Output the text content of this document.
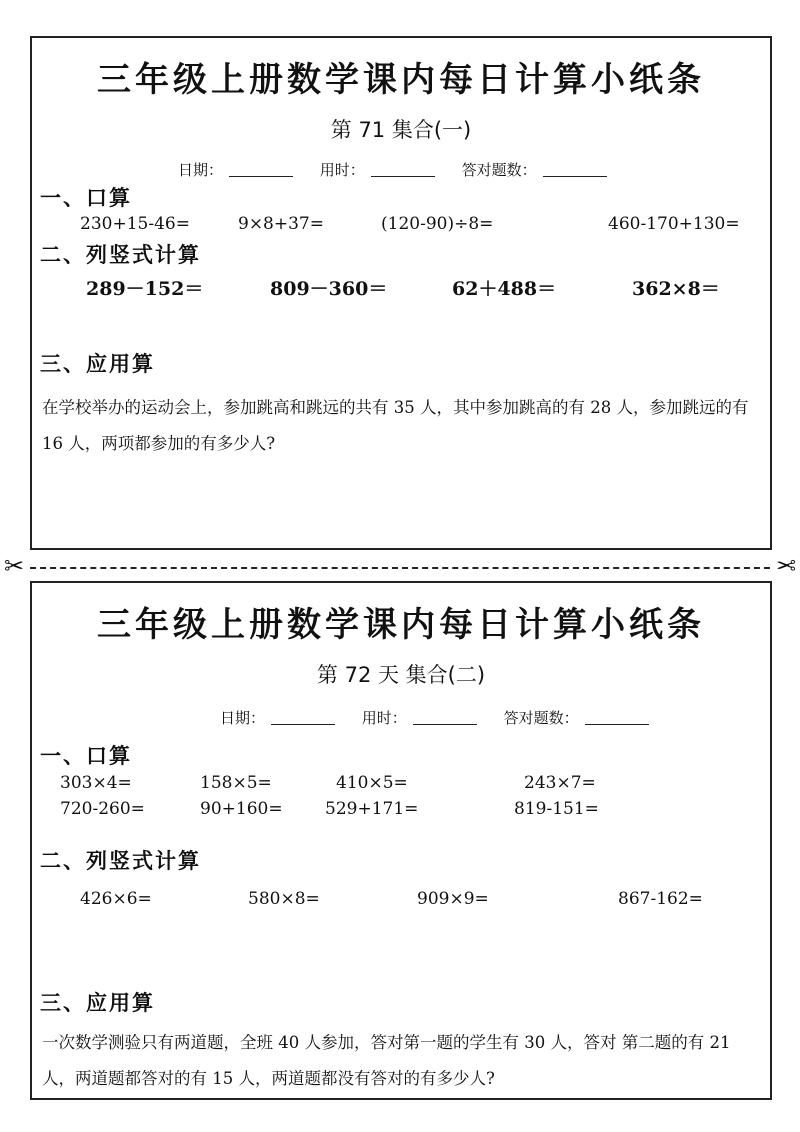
三年级上册数学课内每日计算小纸条
第 71 集合(一)
日期：	用时：	答对题数：
一、口算
230+15-46=	9×8+37=	(120-90)÷8=	460-170+130=
二、列竖式计算
289－152＝	809－360＝	62＋488＝	362×8＝
三、应用算
在学校举办的运动会上，参加跳高和跳远的共有 35 人，其中参加跳高的有 28 人，参加跳远的有 16 人，两项都参加的有多少人?
✂	✂
三年级上册数学课内每日计算小纸条
第 72 天 集合(二)
日期：	用时：	答对题数：
一、口算
303×4=	158×5=	410×5=	243×7=
720-260=	90+160= 529+171=	819-151=
二、列竖式计算
426×6=	580×8=	909×9=	867-162=
三、应用算
一次数学测验只有两道题，全班 40 人参加，答对第一题的学生有 30 人，答对 第二题的有 21 人，两道题都答对的有 15 人，两道题都没有答对的有多少人?
